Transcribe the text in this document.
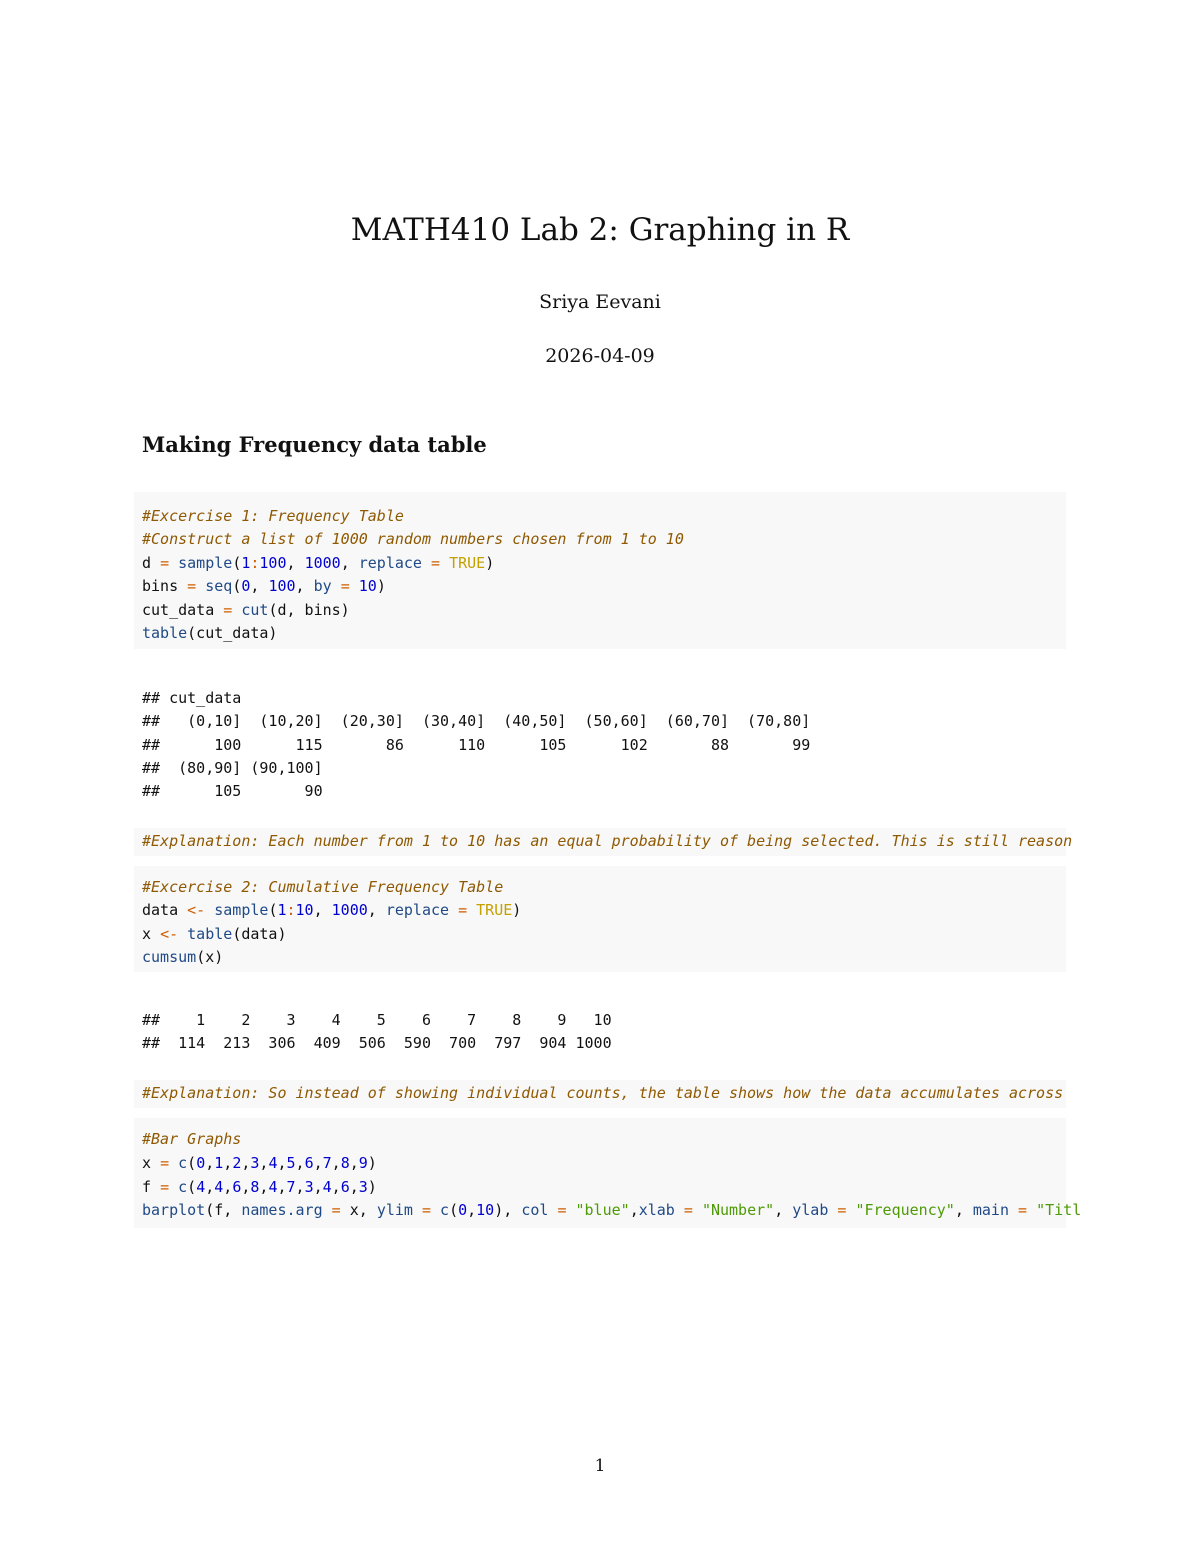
MATH410 Lab 2: Graphing in R
Sriya Eevani
2026-04-09
Making Frequency data table
#Excercise 1: Frequency Table
#Construct a list of 1000 random numbers chosen from 1 to 10
d = sample(1:100, 1000, replace = TRUE)
bins = seq(0, 100, by = 10)
cut_data = cut(d, bins)
table(cut_data)
## cut_data
##   (0,10]  (10,20]  (20,30]  (30,40]  (40,50]  (50,60]  (60,70]  (70,80]
##      100      115       86      110      105      102       88       99
##  (80,90] (90,100]
##      105       90
#Explanation: Each number from 1 to 10 has an equal probability of being selected. This is still reason
#Excercise 2: Cumulative Frequency Table
data <- sample(1:10, 1000, replace = TRUE)
x <- table(data)
cumsum(x)
##    1    2    3    4    5    6    7    8    9   10
##  114  213  306  409  506  590  700  797  904 1000
#Explanation: So instead of showing individual counts, the table shows how the data accumulates across
#Bar Graphs
x = c(0,1,2,3,4,5,6,7,8,9)
f = c(4,4,6,8,4,7,3,4,6,3)
barplot(f, names.arg = x, ylim = c(0,10), col = "blue",xlab = "Number", ylab = "Frequency", main = "Titl
1
